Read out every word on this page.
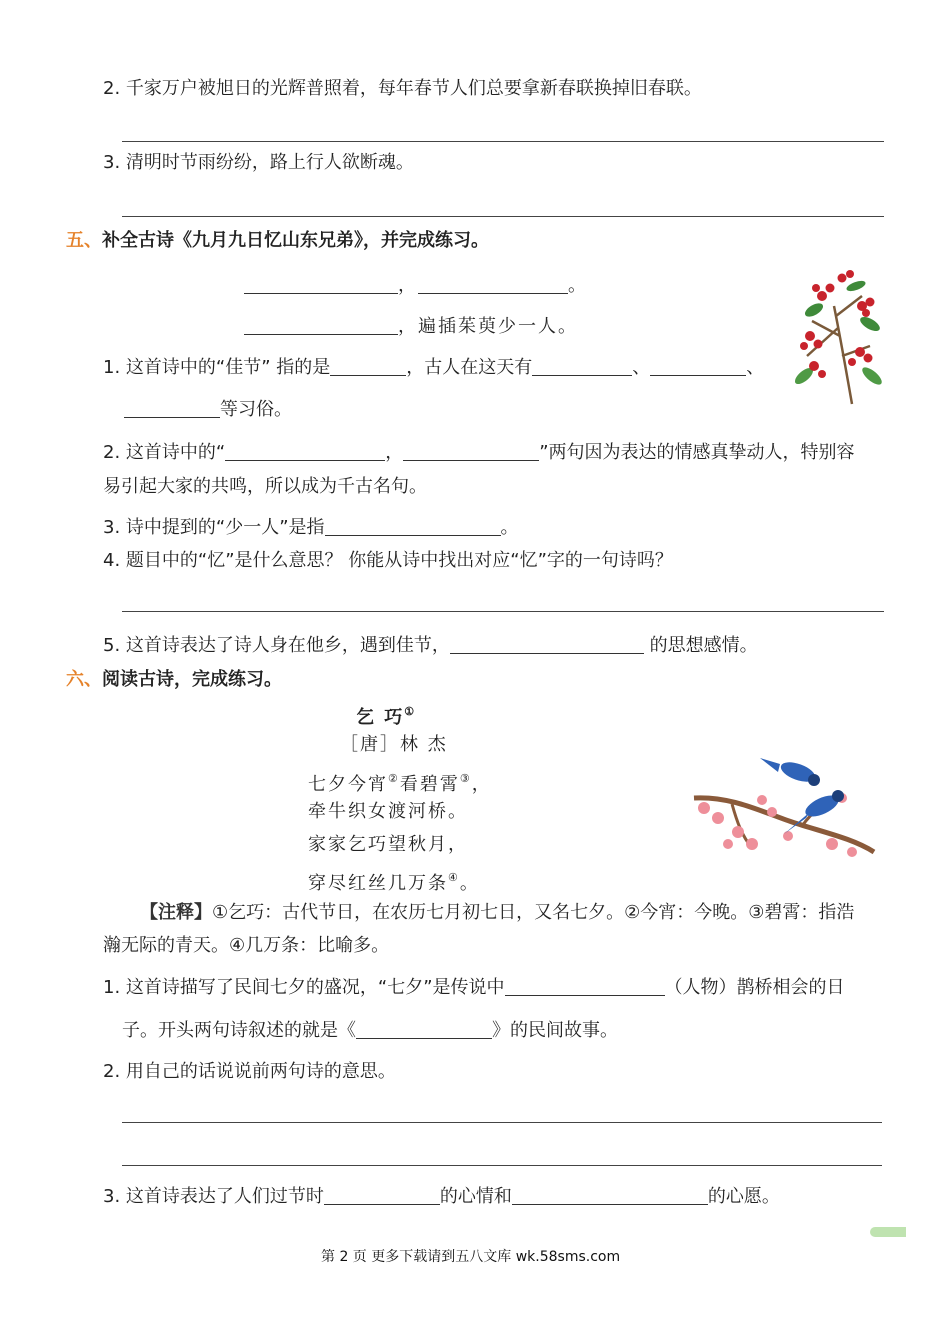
2. 千家万户被旭日的光辉普照着，每年春节人们总要拿新春联换掉旧春联。
3. 清明时节雨纷纷，路上行人欲断魂。
五、补全古诗《九月九日忆山东兄弟》，并完成练习。
，	。
，遍插茱萸少一人。
1. 这首诗中的“佳节” 指的是	，古人在这天有	、	、
等习俗。
2. 这首诗中的“	，	”两句因为表达的情感真挚动人，特别容
易引起大家的共鸣，所以成为千古名句。
3. 诗中提到的“少一人”是指	。
4. 题目中的“忆”是什么意思？ 你能从诗中找出对应“忆”字的一句诗吗？
5. 这首诗表达了诗人身在他乡，遇到佳节，	的思想感情。
六、阅读古诗，完成练习。
乞 巧①
［唐］林 杰
七夕今宵②看碧霄③，
牵牛织女渡河桥。
家家乞巧望秋月，
穿尽红丝几万条④。
【注释】①乞巧：古代节日，在农历七月初七日，又名七夕。②今宵：今晚。③碧霄：指浩
瀚无际的青天。④几万条：比喻多。
1. 这首诗描写了民间七夕的盛况，“七夕”是传说中	（人物）鹊桥相会的日
子。开头两句诗叙述的就是《	》的民间故事。
2. 用自己的话说说前两句诗的意思。
3. 这首诗表达了人们过节时	的心情和	的心愿。
第 2 页 更多下载请到五八文库 wk.58sms.com
